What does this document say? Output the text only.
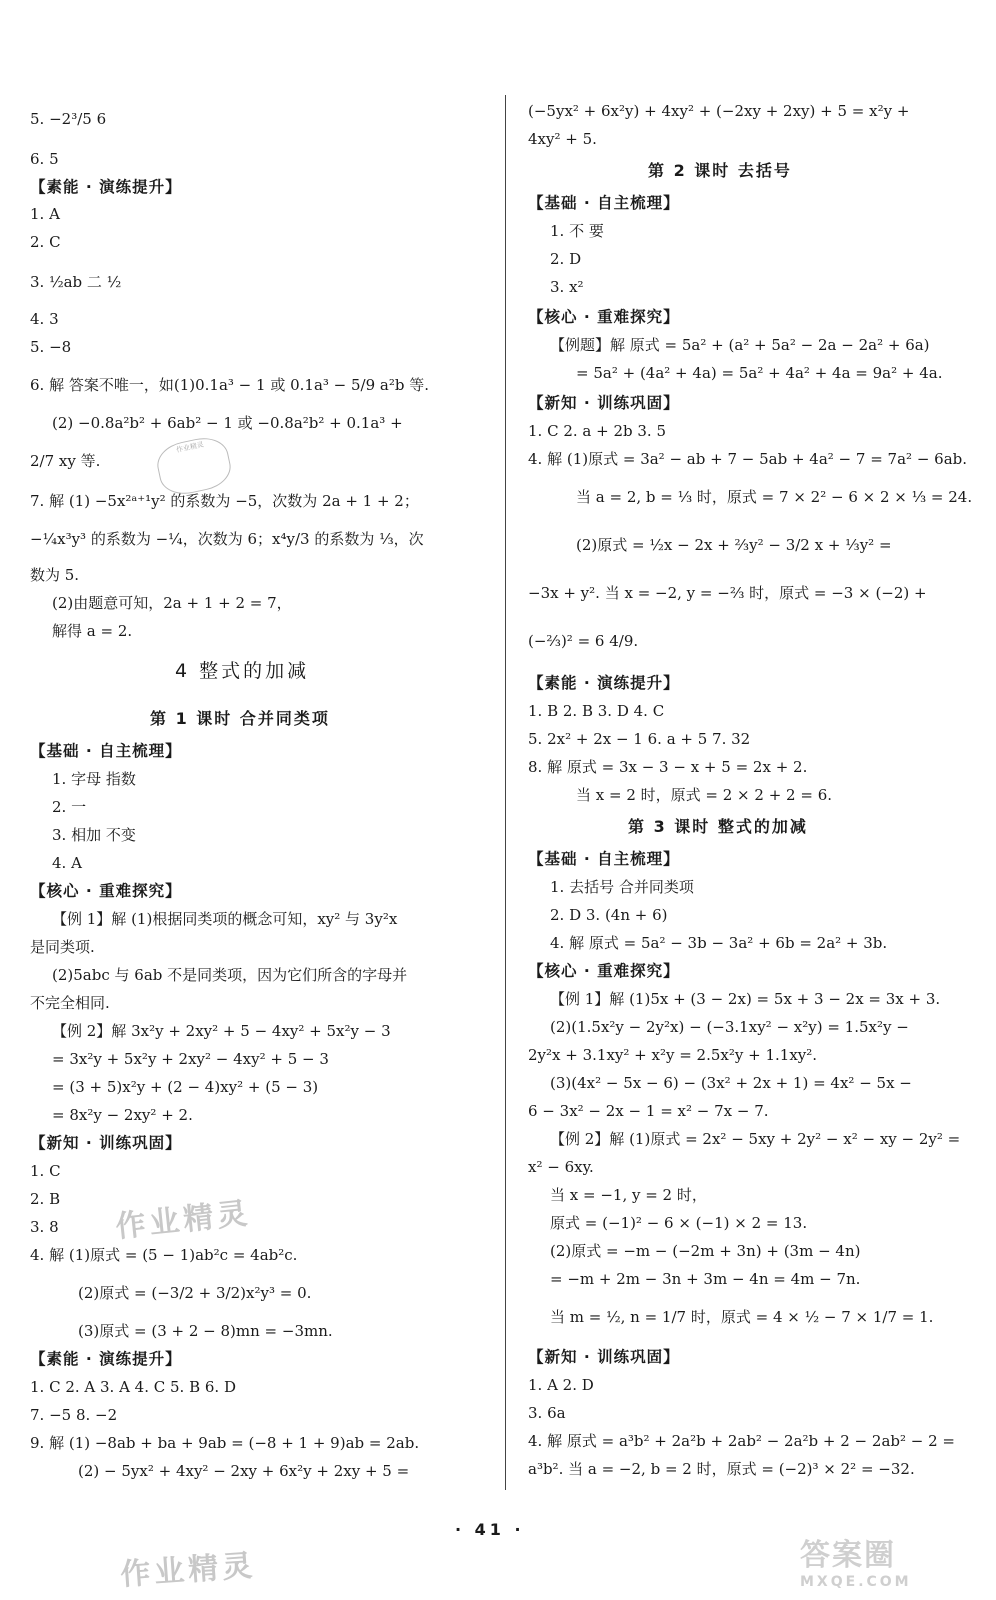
5. −2³/5 6
6. 5
【素能 · 演练提升】
1. A
2. C
3. ½ab 二 ½
4. 3
5. −8
6. 解 答案不唯一，如(1)0.1a³ − 1 或 0.1a³ − 5/9 a²b 等.
(2) −0.8a²b² + 6ab² − 1 或 −0.8a²b² + 0.1a³ +
2/7 xy 等.
7. 解 (1) −5x²ᵃ⁺¹y² 的系数为 −5，次数为 2a + 1 + 2；
−¼x³y³ 的系数为 −¼，次数为 6；x⁴y/3 的系数为 ⅓，次
数为 5.
(2)由题意可知，2a + 1 + 2 = 7，
解得 a = 2.
4 整式的加减
第 1 课时 合并同类项
【基础 · 自主梳理】
1. 字母 指数
2. 一
3. 相加 不变
4. A
【核心 · 重难探究】
【例 1】解 (1)根据同类项的概念可知，xy² 与 3y²x
是同类项.
(2)5abc 与 6ab 不是同类项，因为它们所含的字母并
不完全相同.
【例 2】解 3x²y + 2xy² + 5 − 4xy² + 5x²y − 3
= 3x²y + 5x²y + 2xy² − 4xy² + 5 − 3
= (3 + 5)x²y + (2 − 4)xy² + (5 − 3)
= 8x²y − 2xy² + 2.
【新知 · 训练巩固】
1. C
2. B
3. 8
4. 解 (1)原式 = (5 − 1)ab²c = 4ab²c.
(2)原式 = (−3/2 + 3/2)x²y³ = 0.
(3)原式 = (3 + 2 − 8)mn = −3mn.
【素能 · 演练提升】
1. C 2. A 3. A 4. C 5. B 6. D
7. −5 8. −2
9. 解 (1) −8ab + ba + 9ab = (−8 + 1 + 9)ab = 2ab.
(2) − 5yx² + 4xy² − 2xy + 6x²y + 2xy + 5 =
(−5yx² + 6x²y) + 4xy² + (−2xy + 2xy) + 5 = x²y +
4xy² + 5.
第 2 课时 去括号
【基础 · 自主梳理】
1. 不 要
2. D
3. x²
【核心 · 重难探究】
【例题】解 原式 = 5a² + (a² + 5a² − 2a − 2a² + 6a)
= 5a² + (4a² + 4a) = 5a² + 4a² + 4a = 9a² + 4a.
【新知 · 训练巩固】
1. C 2. a + 2b 3. 5
4. 解 (1)原式 = 3a² − ab + 7 − 5ab + 4a² − 7 = 7a² − 6ab.
当 a = 2, b = ⅓ 时，原式 = 7 × 2² − 6 × 2 × ⅓ = 24.
(2)原式 = ½x − 2x + ⅔y² − 3/2 x + ⅓y² =
−3x + y². 当 x = −2, y = −⅔ 时，原式 = −3 × (−2) +
(−⅔)² = 6 4/9.
【素能 · 演练提升】
1. B 2. B 3. D 4. C
5. 2x² + 2x − 1 6. a + 5 7. 32
8. 解 原式 = 3x − 3 − x + 5 = 2x + 2.
当 x = 2 时，原式 = 2 × 2 + 2 = 6.
第 3 课时 整式的加减
【基础 · 自主梳理】
1. 去括号 合并同类项
2. D 3. (4n + 6)
4. 解 原式 = 5a² − 3b − 3a² + 6b = 2a² + 3b.
【核心 · 重难探究】
【例 1】解 (1)5x + (3 − 2x) = 5x + 3 − 2x = 3x + 3.
(2)(1.5x²y − 2y²x) − (−3.1xy² − x²y) = 1.5x²y −
2y²x + 3.1xy² + x²y = 2.5x²y + 1.1xy².
(3)(4x² − 5x − 6) − (3x² + 2x + 1) = 4x² − 5x −
6 − 3x² − 2x − 1 = x² − 7x − 7.
【例 2】解 (1)原式 = 2x² − 5xy + 2y² − x² − xy − 2y² =
x² − 6xy.
当 x = −1, y = 2 时，
原式 = (−1)² − 6 × (−1) × 2 = 13.
(2)原式 = −m − (−2m + 3n) + (3m − 4n)
= −m + 2m − 3n + 3m − 4n = 4m − 7n.
当 m = ½, n = 1/7 时，原式 = 4 × ½ − 7 × 1/7 = 1.
【新知 · 训练巩固】
1. A 2. D
3. 6a
4. 解 原式 = a³b² + 2a²b + 2ab² − 2a²b + 2 − 2ab² − 2 =
a³b². 当 a = −2, b = 2 时，原式 = (−2)³ × 2² = −32.
· 41 ·
作业精灵
作业精灵
作业精灵
答案圈
MXQE.COM
